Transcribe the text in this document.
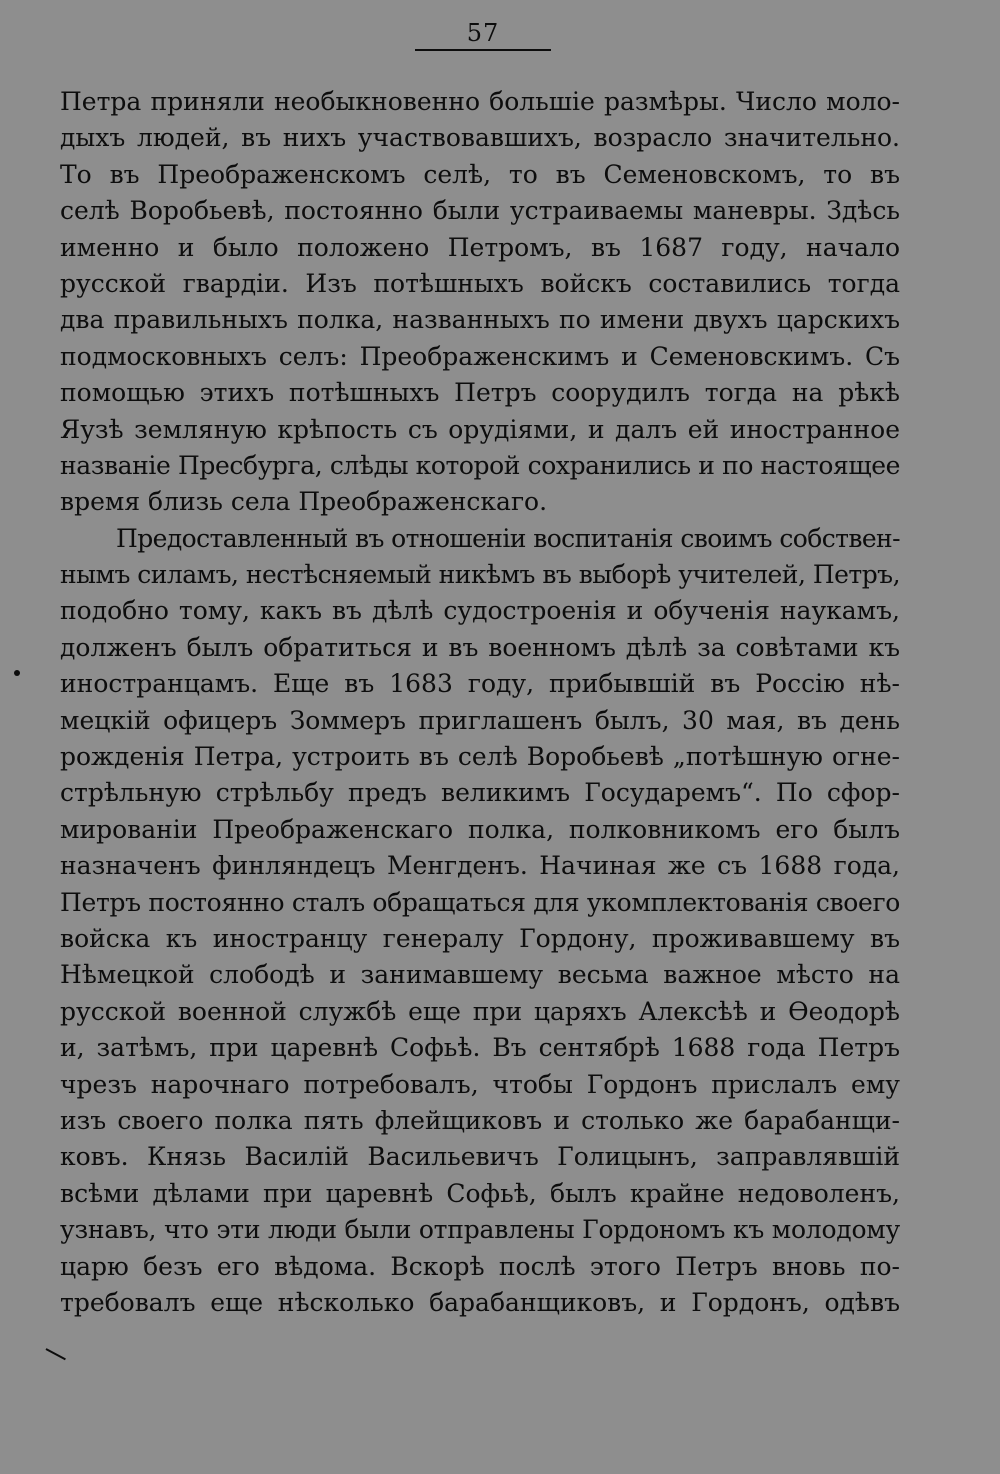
57
Петра приняли необыкновенно большіе размѣры. Число моло-
дыхъ людей, въ нихъ участвовавшихъ, возрасло значительно.
То въ Преображенскомъ селѣ, то въ Семеновскомъ, то въ
селѣ Воробьевѣ, постоянно были устраиваемы маневры. Здѣсь
именно и было положено Петромъ, въ 1687 году, начало
русской гвардіи. Изъ потѣшныхъ войскъ составились тогда
два правильныхъ полка, названныхъ по имени двухъ царскихъ
подмосковныхъ селъ: Преображенскимъ и Семеновскимъ. Съ
помощью этихъ потѣшныхъ Петръ соорудилъ тогда на рѣкѣ
Яузѣ земляную крѣпость съ орудіями, и далъ ей иностранное
названіе Пресбурга, слѣды которой сохранились и по настоящее
время близь села Преображенскаго.
Предоставленный въ отношеніи воспитанія своимъ собствен-
нымъ силамъ, нестѣсняемый никѣмъ въ выборѣ учителей, Петръ,
подобно тому, какъ въ дѣлѣ судостроенія и обученія наукамъ,
долженъ былъ обратиться и въ военномъ дѣлѣ за совѣтами къ
иностранцамъ. Еще въ 1683 году, прибывшій въ Россію нѣ-
мецкій офицеръ Зоммеръ приглашенъ былъ, 30 мая, въ день
рожденія Петра, устроить въ селѣ Воробьевѣ „потѣшную огне-
стрѣльную стрѣльбу предъ великимъ Государемъ“. По сфор-
мированіи Преображенскаго полка, полковникомъ его былъ
назначенъ финляндецъ Менгденъ. Начиная же съ 1688 года,
Петръ постоянно сталъ обращаться для укомплектованія своего
войска къ иностранцу генералу Гордону, проживавшему въ
Нѣмецкой слободѣ и занимавшему весьма важное мѣсто на
русской военной службѣ еще при царяхъ Алексѣѣ и Ѳеодорѣ
и, затѣмъ, при царевнѣ Софьѣ. Въ сентябрѣ 1688 года Петръ
чрезъ нарочнаго потребовалъ, чтобы Гордонъ прислалъ ему
изъ своего полка пять флейщиковъ и столько же барабанщи-
ковъ. Князь Василій Васильевичъ Голицынъ, заправлявшій
всѣми дѣлами при царевнѣ Софьѣ, былъ крайне недоволенъ,
узнавъ, что эти люди были отправлены Гордономъ къ молодому
царю безъ его вѣдома. Вскорѣ послѣ этого Петръ вновь по-
требовалъ еще нѣсколько барабанщиковъ, и Гордонъ, одѣвъ
